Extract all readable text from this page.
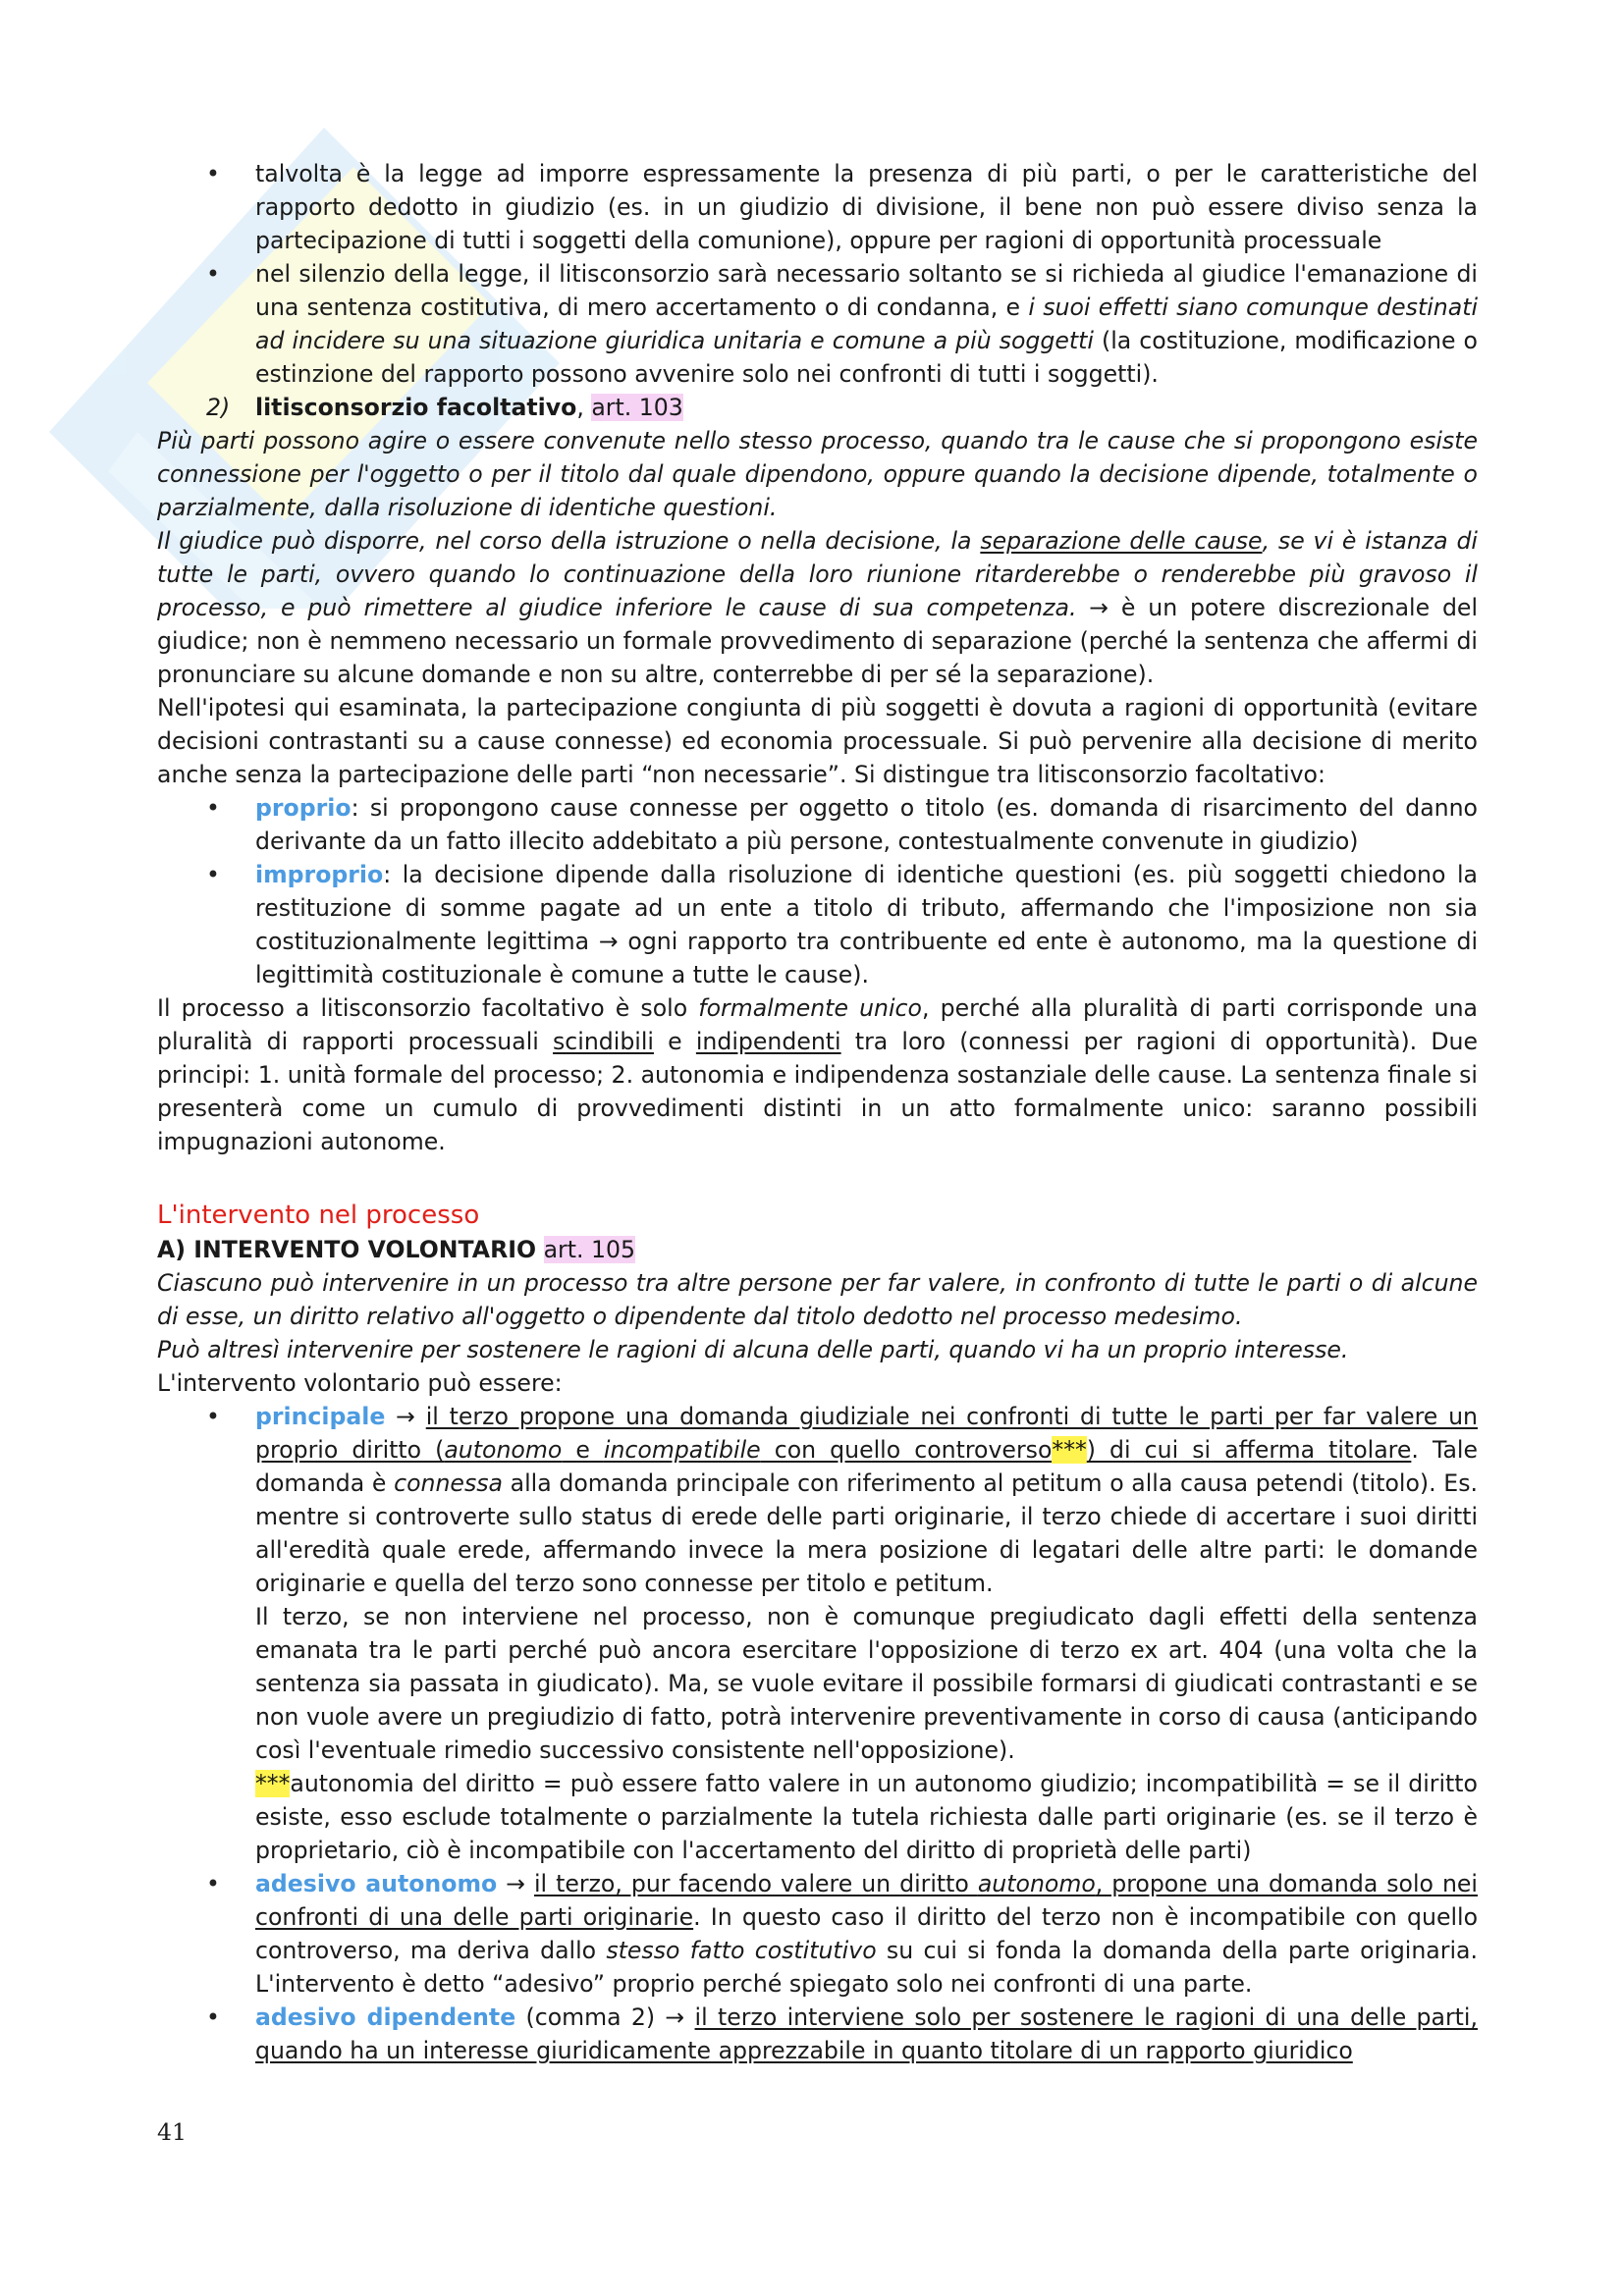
• talvolta è la legge ad imporre espressamente la presenza di più parti, o per le caratteristiche del rapporto dedotto in giudizio (es. in un giudizio di divisione, il bene non può essere diviso senza la partecipazione di tutti i soggetti della comunione), oppure per ragioni di opportunità processuale
• nel silenzio della legge, il litisconsorzio sarà necessario soltanto se si richieda al giudice l'emanazione di una sentenza costitutiva, di mero accertamento o di condanna, e i suoi effetti siano comunque destinati ad incidere su una situazione giuridica unitaria e comune a più soggetti (la costituzione, modificazione o estinzione del rapporto possono avvenire solo nei confronti di tutti i soggetti).

2) litisconsorzio facoltativo, art. 103

Più parti possono agire o essere convenute nello stesso processo, quando tra le cause che si propongono esiste connessione per l'oggetto o per il titolo dal quale dipendono, oppure quando la decisione dipende, totalmente o parzialmente, dalla risoluzione di identiche questioni.

Il giudice può disporre, nel corso della istruzione o nella decisione, la separazione delle cause, se vi è istanza di tutte le parti, ovvero quando lo continuazione della loro riunione ritarderebbe o renderebbe più gravoso il processo, e può rimettere al giudice inferiore le cause di sua competenza. → è un potere discrezionale del giudice; non è nemmeno necessario un formale provvedimento di separazione (perché la sentenza che affermi di pronunciare su alcune domande e non su altre, conterrebbe di per sé la separazione).

Nell'ipotesi qui esaminata, la partecipazione congiunta di più soggetti è dovuta a ragioni di opportunità (evitare decisioni contrastanti su a cause connesse) ed economia processuale. Si può pervenire alla decisione di merito anche senza la partecipazione delle parti “non necessarie”. Si distingue tra litisconsorzio facoltativo:

• proprio: si propongono cause connesse per oggetto o titolo (es. domanda di risarcimento del danno derivante da un fatto illecito addebitato a più persone, contestualmente convenute in giudizio)
• improprio: la decisione dipende dalla risoluzione di identiche questioni (es. più soggetti chiedono la restituzione di somme pagate ad un ente a titolo di tributo, affermando che l'imposizione non sia costituzionalmente legittima → ogni rapporto tra contribuente ed ente è autonomo, ma la questione di legittimità costituzionale è comune a tutte le cause).

Il processo a litisconsorzio facoltativo è solo formalmente unico, perché alla pluralità di parti corrisponde una pluralità di rapporti processuali scindibili e indipendenti tra loro (connessi per ragioni di opportunità). Due principi: 1. unità formale del processo; 2. autonomia e indipendenza sostanziale delle cause. La sentenza finale si presenterà come un cumulo di provvedimenti distinti in un atto formalmente unico: saranno possibili impugnazioni autonome.

L'intervento nel processo

A) INTERVENTO VOLONTARIO art. 105

Ciascuno può intervenire in un processo tra altre persone per far valere, in confronto di tutte le parti o di alcune di esse, un diritto relativo all'oggetto o dipendente dal titolo dedotto nel processo medesimo.

Può altresì intervenire per sostenere le ragioni di alcuna delle parti, quando vi ha un proprio interesse.

L'intervento volontario può essere:

• principale → il terzo propone una domanda giudiziale nei confronti di tutte le parti per far valere un proprio diritto (autonomo e incompatibile con quello controverso***) di cui si afferma titolare. Tale domanda è connessa alla domanda principale con riferimento al petitum o alla causa petendi (titolo). Es. mentre si controverte sullo status di erede delle parti originarie, il terzo chiede di accertare i suoi diritti all'eredità quale erede, affermando invece la mera posizione di legatari delle altre parti: le domande originarie e quella del terzo sono connesse per titolo e petitum.

Il terzo, se non interviene nel processo, non è comunque pregiudicato dagli effetti della sentenza emanata tra le parti perché può ancora esercitare l'opposizione di terzo ex art. 404 (una volta che la sentenza sia passata in giudicato). Ma, se vuole evitare il possibile formarsi di giudicati contrastanti e se non vuole avere un pregiudizio di fatto, potrà intervenire preventivamente in corso di causa (anticipando così l'eventuale rimedio successivo consistente nell'opposizione).

***autonomia del diritto = può essere fatto valere in un autonomo giudizio; incompatibilità = se il diritto esiste, esso esclude totalmente o parzialmente la tutela richiesta dalle parti originarie (es. se il terzo è proprietario, ciò è incompatibile con l'accertamento del diritto di proprietà delle parti)

• adesivo autonomo → il terzo, pur facendo valere un diritto autonomo, propone una domanda solo nei confronti di una delle parti originarie. In questo caso il diritto del terzo non è incompatibile con quello controverso, ma deriva dallo stesso fatto costitutivo su cui si fonda la domanda della parte originaria. L'intervento è detto “adesivo” proprio perché spiegato solo nei confronti di una parte.
• adesivo dipendente (comma 2) → il terzo interviene solo per sostenere le ragioni di una delle parti, quando ha un interesse giuridicamente apprezzabile in quanto titolare di un rapporto giuridico
41
